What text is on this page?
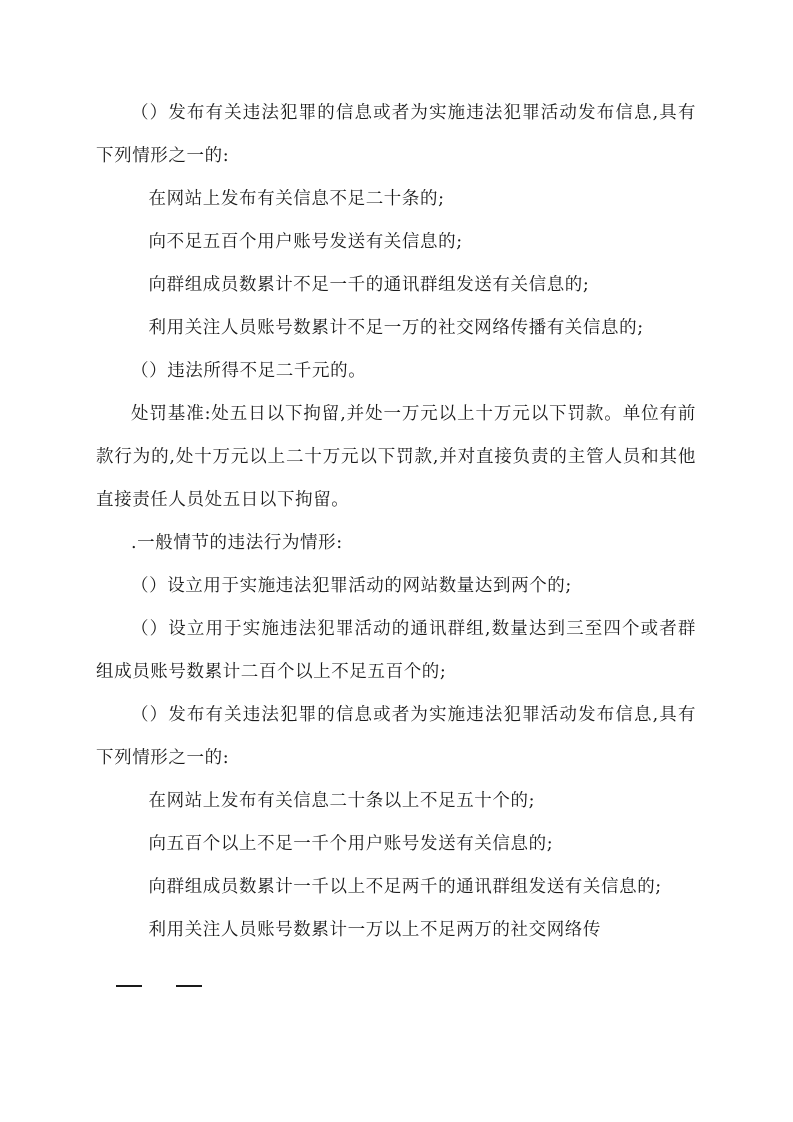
（）发布有关违法犯罪的信息或者为实施违法犯罪活动发布信息,具有下列情形之一的:

在网站上发布有关信息不足二十条的;

向不足五百个用户账号发送有关信息的;

向群组成员数累计不足一千的通讯群组发送有关信息的;

利用关注人员账号数累计不足一万的社交网络传播有关信息的;

（）违法所得不足二千元的。

处罚基准:处五日以下拘留,并处一万元以上十万元以下罚款。单位有前款行为的,处十万元以上二十万元以下罚款,并对直接负责的主管人员和其他直接责任人员处五日以下拘留。

.一般情节的违法行为情形:

（）设立用于实施违法犯罪活动的网站数量达到两个的;

（）设立用于实施违法犯罪活动的通讯群组,数量达到三至四个或者群组成员账号数累计二百个以上不足五百个的;

（）发布有关违法犯罪的信息或者为实施违法犯罪活动发布信息,具有下列情形之一的:

在网站上发布有关信息二十条以上不足五十个的;

向五百个以上不足一千个用户账号发送有关信息的;

向群组成员数累计一千以上不足两千的通讯群组发送有关信息的;

利用关注人员账号数累计一万以上不足两万的社交网络传
